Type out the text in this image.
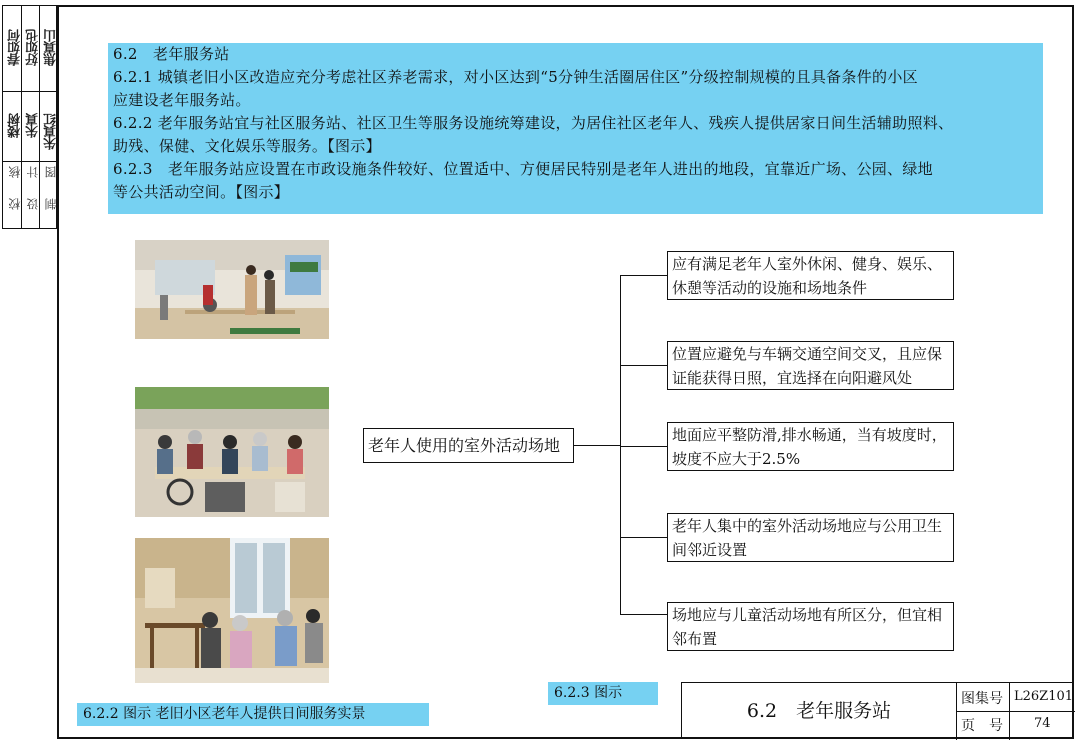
春如何 好如也 焦真山
楼树 朱真 朱真红
核
校
计
设
图
制

6.2　老年服务站

6.2.1 城镇老旧小区改造应充分考虑社区养老需求，对小区达到“5分钟生活圈居住区”分级控制规模的且具备条件的小区

应建设老年服务站。

6.2.2 老年服务站宜与社区服务站、社区卫生等服务设施统筹建设，为居住社区老年人、残疾人提供居家日间生活辅助照料、

助残、保健、文化娱乐等服务。【图示】

6.2.3　老年服务站应设置在市政设施条件较好、位置适中、方便居民特别是老年人进出的地段，宜靠近广场、公园、绿地

等公共活动空间。【图示】

老年人使用的室外活动场地
应有满足老年人室外休闲、健身、娱乐、休憩等活动的设施和场地条件
位置应避免与车辆交通空间交叉，且应保证能获得日照，宜选择在向阳避风处
地面应平整防滑,排水畅通，当有坡度时，坡度不应大于2.5%
老年人集中的室外活动场地应与公用卫生间邻近设置
场地应与儿童活动场地有所区分，但宜相邻布置
6.2.3 图示
6.2.2 图示 老旧小区老年人提供日间服务实景	6.2　老年服务站
图集号 L26Z101
页　号 74
